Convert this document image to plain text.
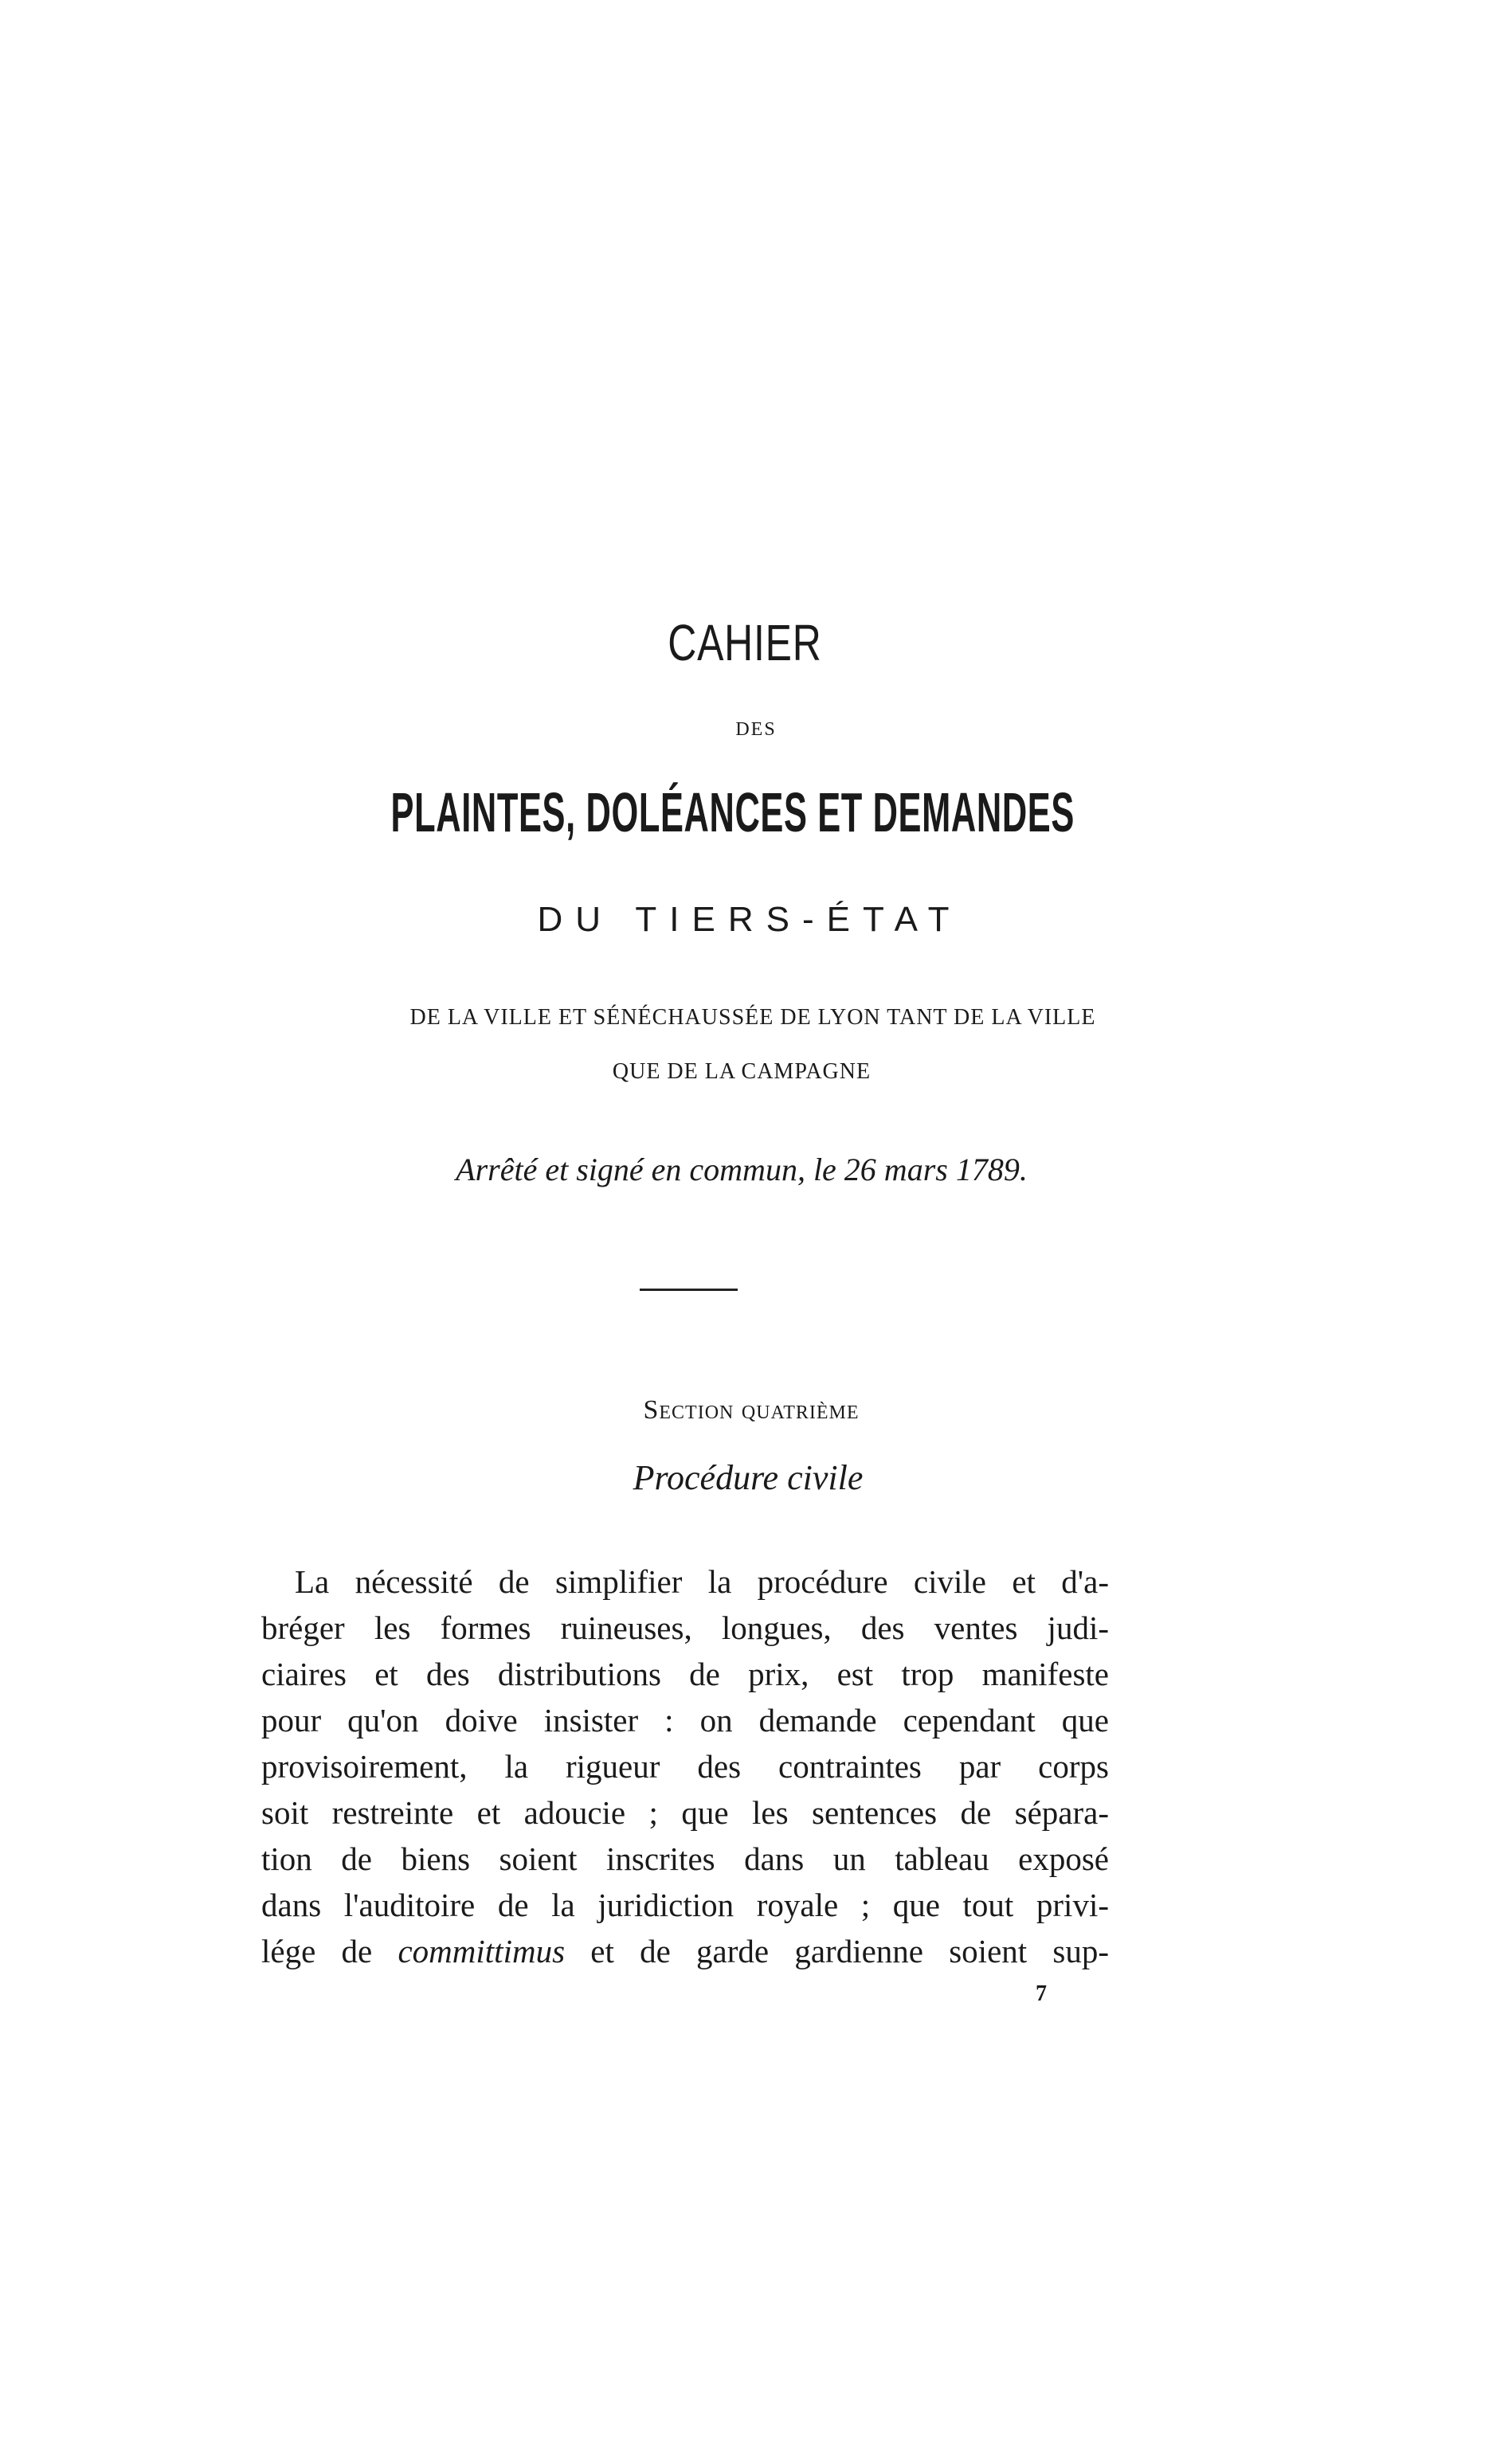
CAHIER
DES
PLAINTES, DOLÉANCES ET DEMANDES
DU TIERS-ÉTAT
DE LA VILLE ET SÉNÉCHAUSSÉE DE LYON TANT DE LA VILLE
QUE DE LA CAMPAGNE
Arrêté et signé en commun, le 26 mars 1789.
Section quatrième
Procédure civile
La nécessité de simplifier la procédure civile et d'a-
bréger les formes ruineuses, longues, des ventes judi-
ciaires et des distributions de prix, est trop manifeste
pour qu'on doive insister : on demande cependant que
provisoirement, la rigueur des contraintes par corps
soit restreinte et adoucie ; que les sentences de sépara-
tion de biens soient inscrites dans un tableau exposé
dans l'auditoire de la juridiction royale ; que tout privi-
lége de committimus et de garde gardienne soient sup-
7
